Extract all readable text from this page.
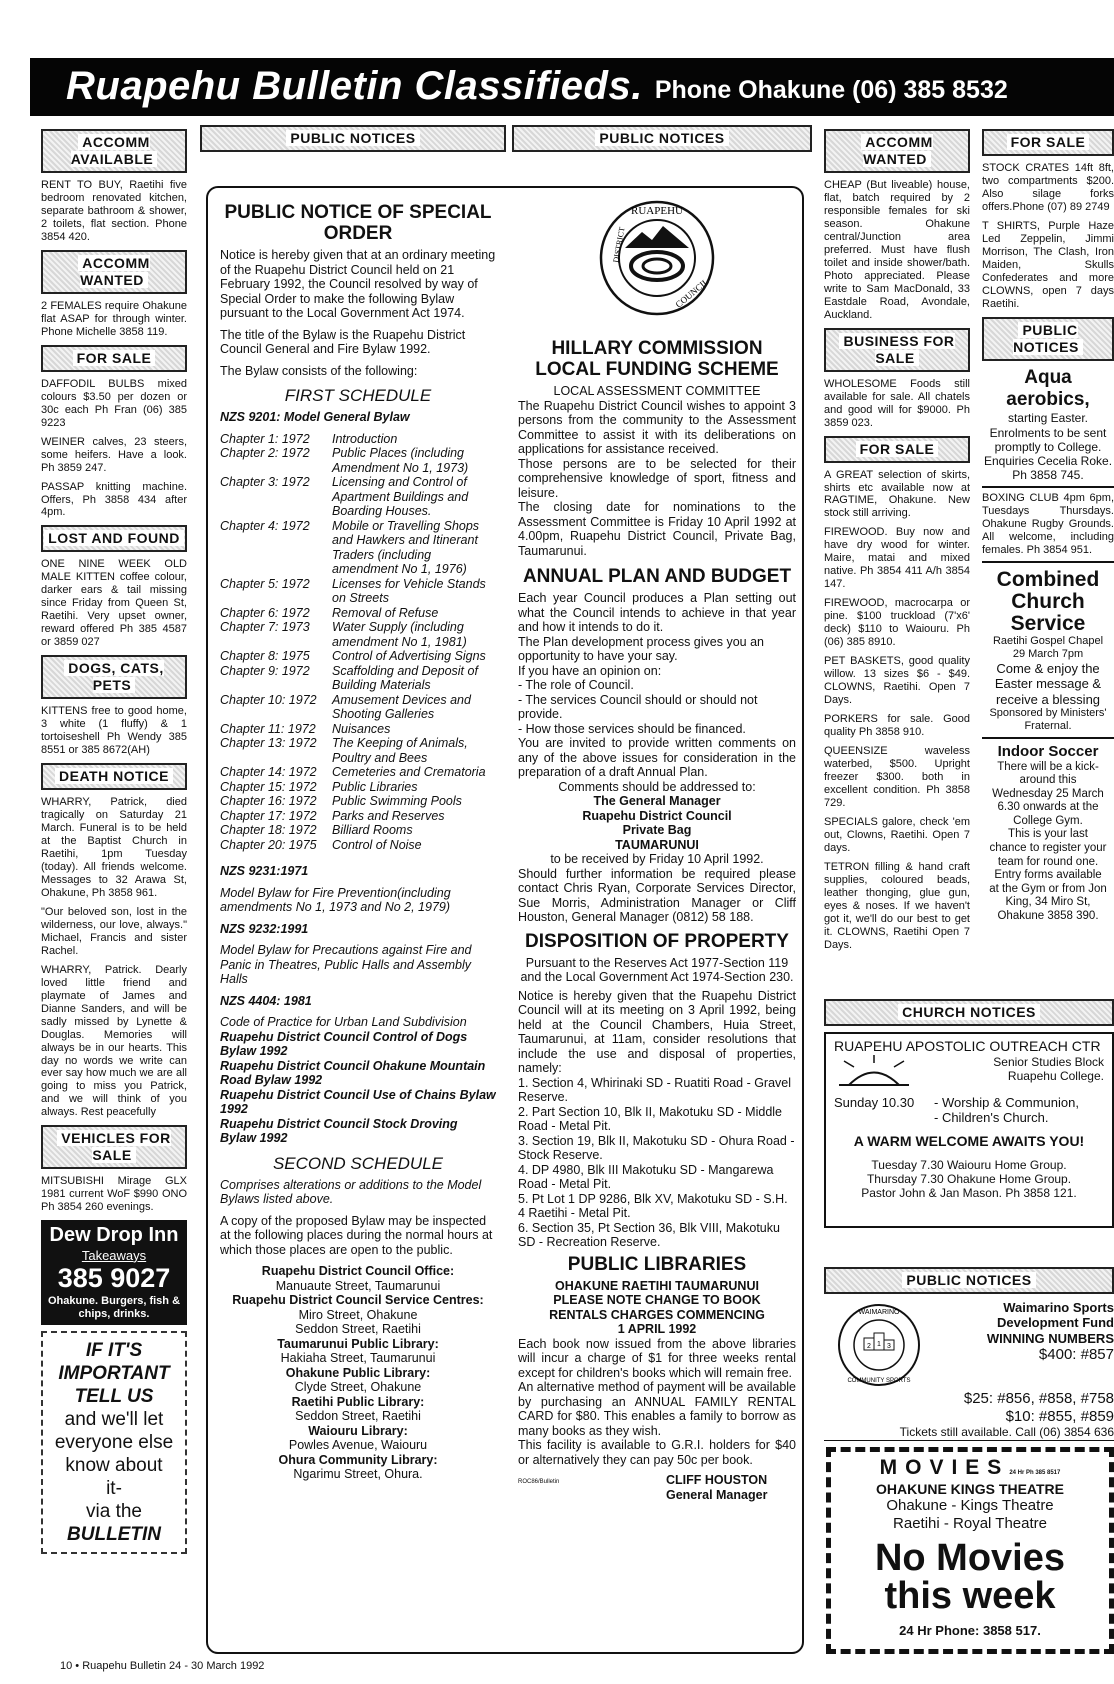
Ruapehu Bulletin Classifieds. Phone Ohakune (06) 385 8532
ACCOMM AVAILABLE
RENT TO BUY, Raetihi five bedroom renovated kitchen, separate bathroom & shower, 2 toilets, flat section. Phone 3854 420.
ACCOMM WANTED
2 FEMALES require Ohakune flat ASAP for through winter. Phone Michelle 3858 119.
FOR SALE
DAFFODIL BULBS mixed colours $3.50 per dozen or 30c each Ph Fran (06) 385 9223
WEINER calves, 23 steers, some heifers. Have a look. Ph 3859 247.
PASSAP knitting machine. Offers, Ph 3858 434 after 4pm.
LOST AND FOUND
ONE NINE WEEK OLD MALE KITTEN coffee colour, darker ears & tail missing since Friday from Queen St, Raetihi. Very upset owner, reward offered Ph 385 4587 or 3859 027
DOGS, CATS, PETS
KITTENS free to good home, 3 white (1 fluffy) & 1 tortoiseshell Ph Wendy 385 8551 or 385 8672(AH)
DEATH NOTICE
WHARRY, Patrick, died tragically on Saturday 21 March. Funeral is to be held at the Baptist Church in Raetihi, 1pm Tuesday (today). All friends welcome. Messages to 32 Arawa St, Ohakune, Ph 3858 961.
"Our beloved son, lost in the wilderness, our love, always." Michael, Francis and sister Rachel.
WHARRY, Patrick. Dearly loved little friend and playmate of James and Dianne Sanders, and will be sadly missed by Lynette & Douglas. Memories will always be in our hearts. This day no words we write can ever say how much we are all going to miss you Patrick, and we will think of you always. Rest peacefully
VEHICLES FOR SALE
MITSUBISHI Mirage GLX 1981 current WoF $990 ONO Ph 3854 260 evenings.
Dew Drop Inn
Takeaways
385 9027
Ohakune. Burgers, fish & chips, drinks.
IF IT'S
IMPORTANT
TELL US
and we'll let
everyone else
know about
it-
via the
BULLETIN
PUBLIC NOTICES	PUBLIC NOTICES
PUBLIC NOTICE OF SPECIAL ORDER

Notice is hereby given that at an ordinary meeting of the Ruapehu District Council held on 21 February 1992, the Council resolved by way of Special Order to make the following Bylaw pursuant to the Local Government Act 1974.

The title of the Bylaw is the Ruapehu District Council General and Fire Bylaw 1992.

The Bylaw consists of the following:

FIRST SCHEDULE

NZS 9201: Model General Bylaw

Chapter 1: 1972	Introduction
Chapter 2: 1972	Public Places (including Amendment No 1, 1973)
Chapter 3: 1972	Licensing and Control of Apartment Buildings and Boarding Houses.
Chapter 4: 1972	Mobile or Travelling Shops and Hawkers and Itinerant Traders (including amendment No 1, 1976)
Chapter 5: 1972	Licenses for Vehicle Stands on Streets
Chapter 6: 1972	Removal of Refuse
Chapter 7: 1973	Water Supply (including amendment No 1, 1981)
Chapter 8: 1975	Control of Advertising Signs
Chapter 9: 1972	Scaffolding and Deposit of Building Materials
Chapter 10: 1972	Amusement Devices and Shooting Galleries
Chapter 11: 1972	Nuisances
Chapter 13: 1972	The Keeping of Animals, Poultry and Bees
Chapter 14: 1972	Cemeteries and Crematoria
Chapter 15: 1972	Public Libraries
Chapter 16: 1972	Public Swimming Pools
Chapter 17: 1972	Parks and Reserves
Chapter 18: 1972	Billiard Rooms
Chapter 20: 1975	Control of Noise

NZS 9231:1971

Model Bylaw for Fire Prevention(including amendments No 1, 1973 and No 2, 1979)

NZS 9232:1991

Model Bylaw for Precautions against Fire and Panic in Theatres, Public Halls and Assembly Halls

NZS 4404: 1981

Code of Practice for Urban Land Subdivision
Ruapehu District Council Control of Dogs Bylaw 1992
Ruapehu District Council Ohakune Mountain Road Bylaw 1992
Ruapehu District Council Use of Chains Bylaw 1992
Ruapehu District Council Stock Droving Bylaw 1992
SECOND SCHEDULE

Comprises alterations or additions to the Model Bylaws listed above.

A copy of the proposed Bylaw may be inspected at the following places during the normal hours at which those places are open to the public.

Ruapehu District Council Office:
Manuaute Street, Taumarunui
Ruapehu District Council Service Centres:
Miro Street, Ohakune
Seddon Street, Raetihi
Taumarunui Public Library:
Hakiaha Street, Taumarunui
Ohakune Public Library:
Clyde Street, Ohakune
Raetihi Public Library:
Seddon Street, Raetihi
Waiouru Library:
Powles Avenue, Waiouru
Ohura Community Library:
Ngarimu Street, Ohura.
RUAPEHU
DISTRICT
COUNCIL
HILLARY COMMISSION LOCAL FUNDING SCHEME
LOCAL ASSESSMENT COMMITTEE
The Ruapehu District Council wishes to appoint 3 persons from the community to the Assessment Committee to assist it with its deliberations on applications for assistance received.
Those persons are to be selected for their comprehensive knowledge of sport, fitness and leisure.
The closing date for nominations to the Assessment Committee is Friday 10 April 1992 at 4.00pm, Ruapehu District Council, Private Bag, Taumarunui.
ANNUAL PLAN AND BUDGET
Each year Council produces a Plan setting out what the Council intends to achieve in that year and how it intends to do it.
The Plan development process gives you an opportunity to have your say.
If you have an opinion on:
- The role of Council.
- The services Council should or should not provide.
- How those services should be financed.
You are invited to provide written comments on any of the above issues for consideration in the preparation of a draft Annual Plan.
Comments should be addressed to:
The General Manager
Ruapehu District Council
Private Bag
TAUMARUNUI
to be received by Friday 10 April 1992.
Should further information be required please contact Chris Ryan, Corporate Services Director, Sue Morris, Administration Manager or Cliff Houston, General Manager (0812) 58 188.
DISPOSITION OF PROPERTY
Pursuant to the Reserves Act 1977-Section 119 and the Local Government Act 1974-Section 230.
Notice is hereby given that the Ruapehu District Council will at its meeting on 3 April 1992, being held at the Council Chambers, Huia Street, Taumarunui, at 11am, consider resolutions that include the use and disposal of properties, namely:
1. Section 4, Whirinaki SD - Ruatiti Road - Gravel Reserve.
2. Part Section 10, Blk II, Makotuku SD - Middle Road - Metal Pit.
3. Section 19, Blk II, Makotuku SD - Ohura Road - Stock Reserve.
4. DP 4980, Blk III Makotuku SD - Mangarewa Road - Metal Pit.
5. Pt Lot 1 DP 9286, Blk XV, Makotuku SD - S.H. 4 Raetihi - Metal Pit.
6. Section 35, Pt Section 36, Blk VIII, Makotuku SD - Recreation Reserve.
PUBLIC LIBRARIES
OHAKUNE RAETIHI TAUMARUNUI
PLEASE NOTE CHANGE TO BOOK
RENTALS CHARGES COMMENCING
1 APRIL 1992
Each book now issued from the above libraries will incur a charge of $1 for three weeks rental except for children's books which will remain free.
An alternative method of payment will be available by purchasing an ANNUAL FAMILY RENTAL CARD for $80. This enables a family to borrow as many books as they wish.
This facility is available to G.R.I. holders for $40 or alternatively they can pay 50c per book.
ROC86/Bulletin	CLIFF HOUSTON
General Manager
ACCOMM WANTED
CHEAP (But liveable) house, flat, batch required by 2 responsible females for ski season. Ohakune central/Junction area preferred. Must have flush toilet and inside shower/bath. Photo appreciated. Please write to Sam MacDonald, 33 Eastdale Road, Avondale, Auckland.
BUSINESS FOR SALE
WHOLESOME Foods still available for sale. All chatels and good will for $9000. Ph 3859 023.
FOR SALE
A GREAT selection of skirts, shirts etc available now at RAGTIME, Ohakune. New stock still arriving.
FIREWOOD. Buy now and have dry wood for winter. Maire, matai and mixed native. Ph 3854 411 A/h 3854 147.
FIREWOOD, macrocarpa or pine. $100 truckload (7'x6' deck) $110 to Waiouru. Ph (06) 385 8910.
PET BASKETS, good quality willow. 13 sizes $6 - $49. CLOWNS, Raetihi. Open 7 Days.
PORKERS for sale. Good quality Ph 3858 910.
QUEENSIZE waveless waterbed, $500. Upright freezer $300. both in excellent condition. Ph 3858 729.
SPECIALS galore, check 'em out, Clowns, Raetihi. Open 7 days.
TETRON filling & hand craft supplies, coloured beads, leather thonging, glue gun, eyes & noses. If we haven't got it, we'll do our best to get it. CLOWNS, Raetihi Open 7 Days.
FOR SALE
STOCK CRATES 14ft 8ft, two compartments $200. Also silage forks offers.Phone (07) 89 2749
T SHIRTS, Purple Haze Led Zeppelin, Jimmi Morrison, The Clash, Iron Maiden, Skulls Confederates and more CLOWNS, open 7 days Raetihi.
PUBLIC NOTICES
Aqua aerobics,
starting Easter.
Enrolments to be sent promptly to College.
Enquiries Cecelia Roke. Ph 3858 745.
BOXING CLUB 4pm 6pm, Tuesdays Thursdays. Ohakune Rugby Grounds. All welcome, including females. Ph 3854 951.
Combined Church Service
Raetihi Gospel Chapel
29 March 7pm
Come & enjoy the Easter message & receive a blessing
Sponsored by Ministers' Fraternal.
Indoor Soccer
There will be a kick-around this
Wednesday 25 March
6.30 onwards at the
College Gym.
This is your last
chance to register your
team for round one.
Entry forms available
at the Gym or from Jon
King, 34 Miro St,
Ohakune 3858 390.
CHURCH NOTICES
RUAPEHU APOSTOLIC OUTREACH CTR
Senior Studies Block
Ruapehu College.
Sunday 10.30	- Worship & Communion,
- Children's Church.
A WARM WELCOME AWAITS YOU!
Tuesday 7.30 Waiouru Home Group.
Thursday 7.30 Ohakune Home Group.
Pastor John & Jan Mason. Ph 3858 121.
PUBLIC NOTICES
WAIMARINO
COMMUNITY SPORTS
1
2 3
Waimarino Sports
Development Fund
WINNING NUMBERS
$400: #857
$25: #856, #858, #758
$10: #855, #859
Tickets still available. Call (06) 3854 636
MOVIES24 Hr Ph 385 8517
OHAKUNE KINGS THEATRE
Ohakune - Kings Theatre
Raetihi - Royal Theatre
No Movies
this week
24 Hr Phone: 3858 517.
10 • Ruapehu Bulletin 24 - 30 March 1992
